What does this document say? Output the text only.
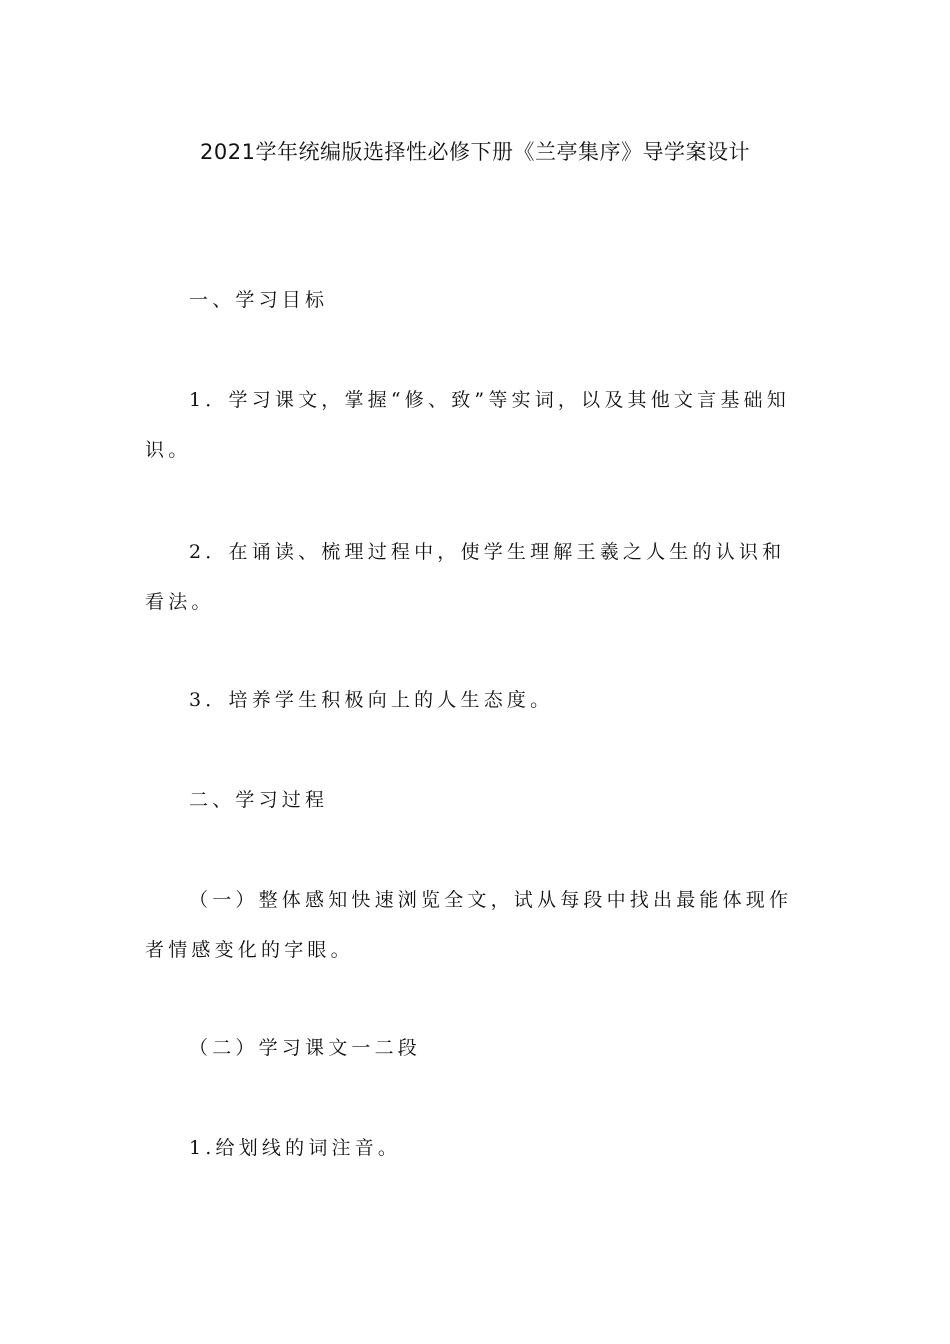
2021学年统编版选择性必修下册《兰亭集序》导学案设计

一、学习目标

1．学习课文，掌握“修、致”等实词，以及其他文言基础知识。

2．在诵读、梳理过程中，使学生理解王羲之人生的认识和看法。

3．培养学生积极向上的人生态度。

二、学习过程

（一）整体感知快速浏览全文，试从每段中找出最能体现作者情感变化的字眼。

（二）学习课文一二段

1.给划线的词注音。
